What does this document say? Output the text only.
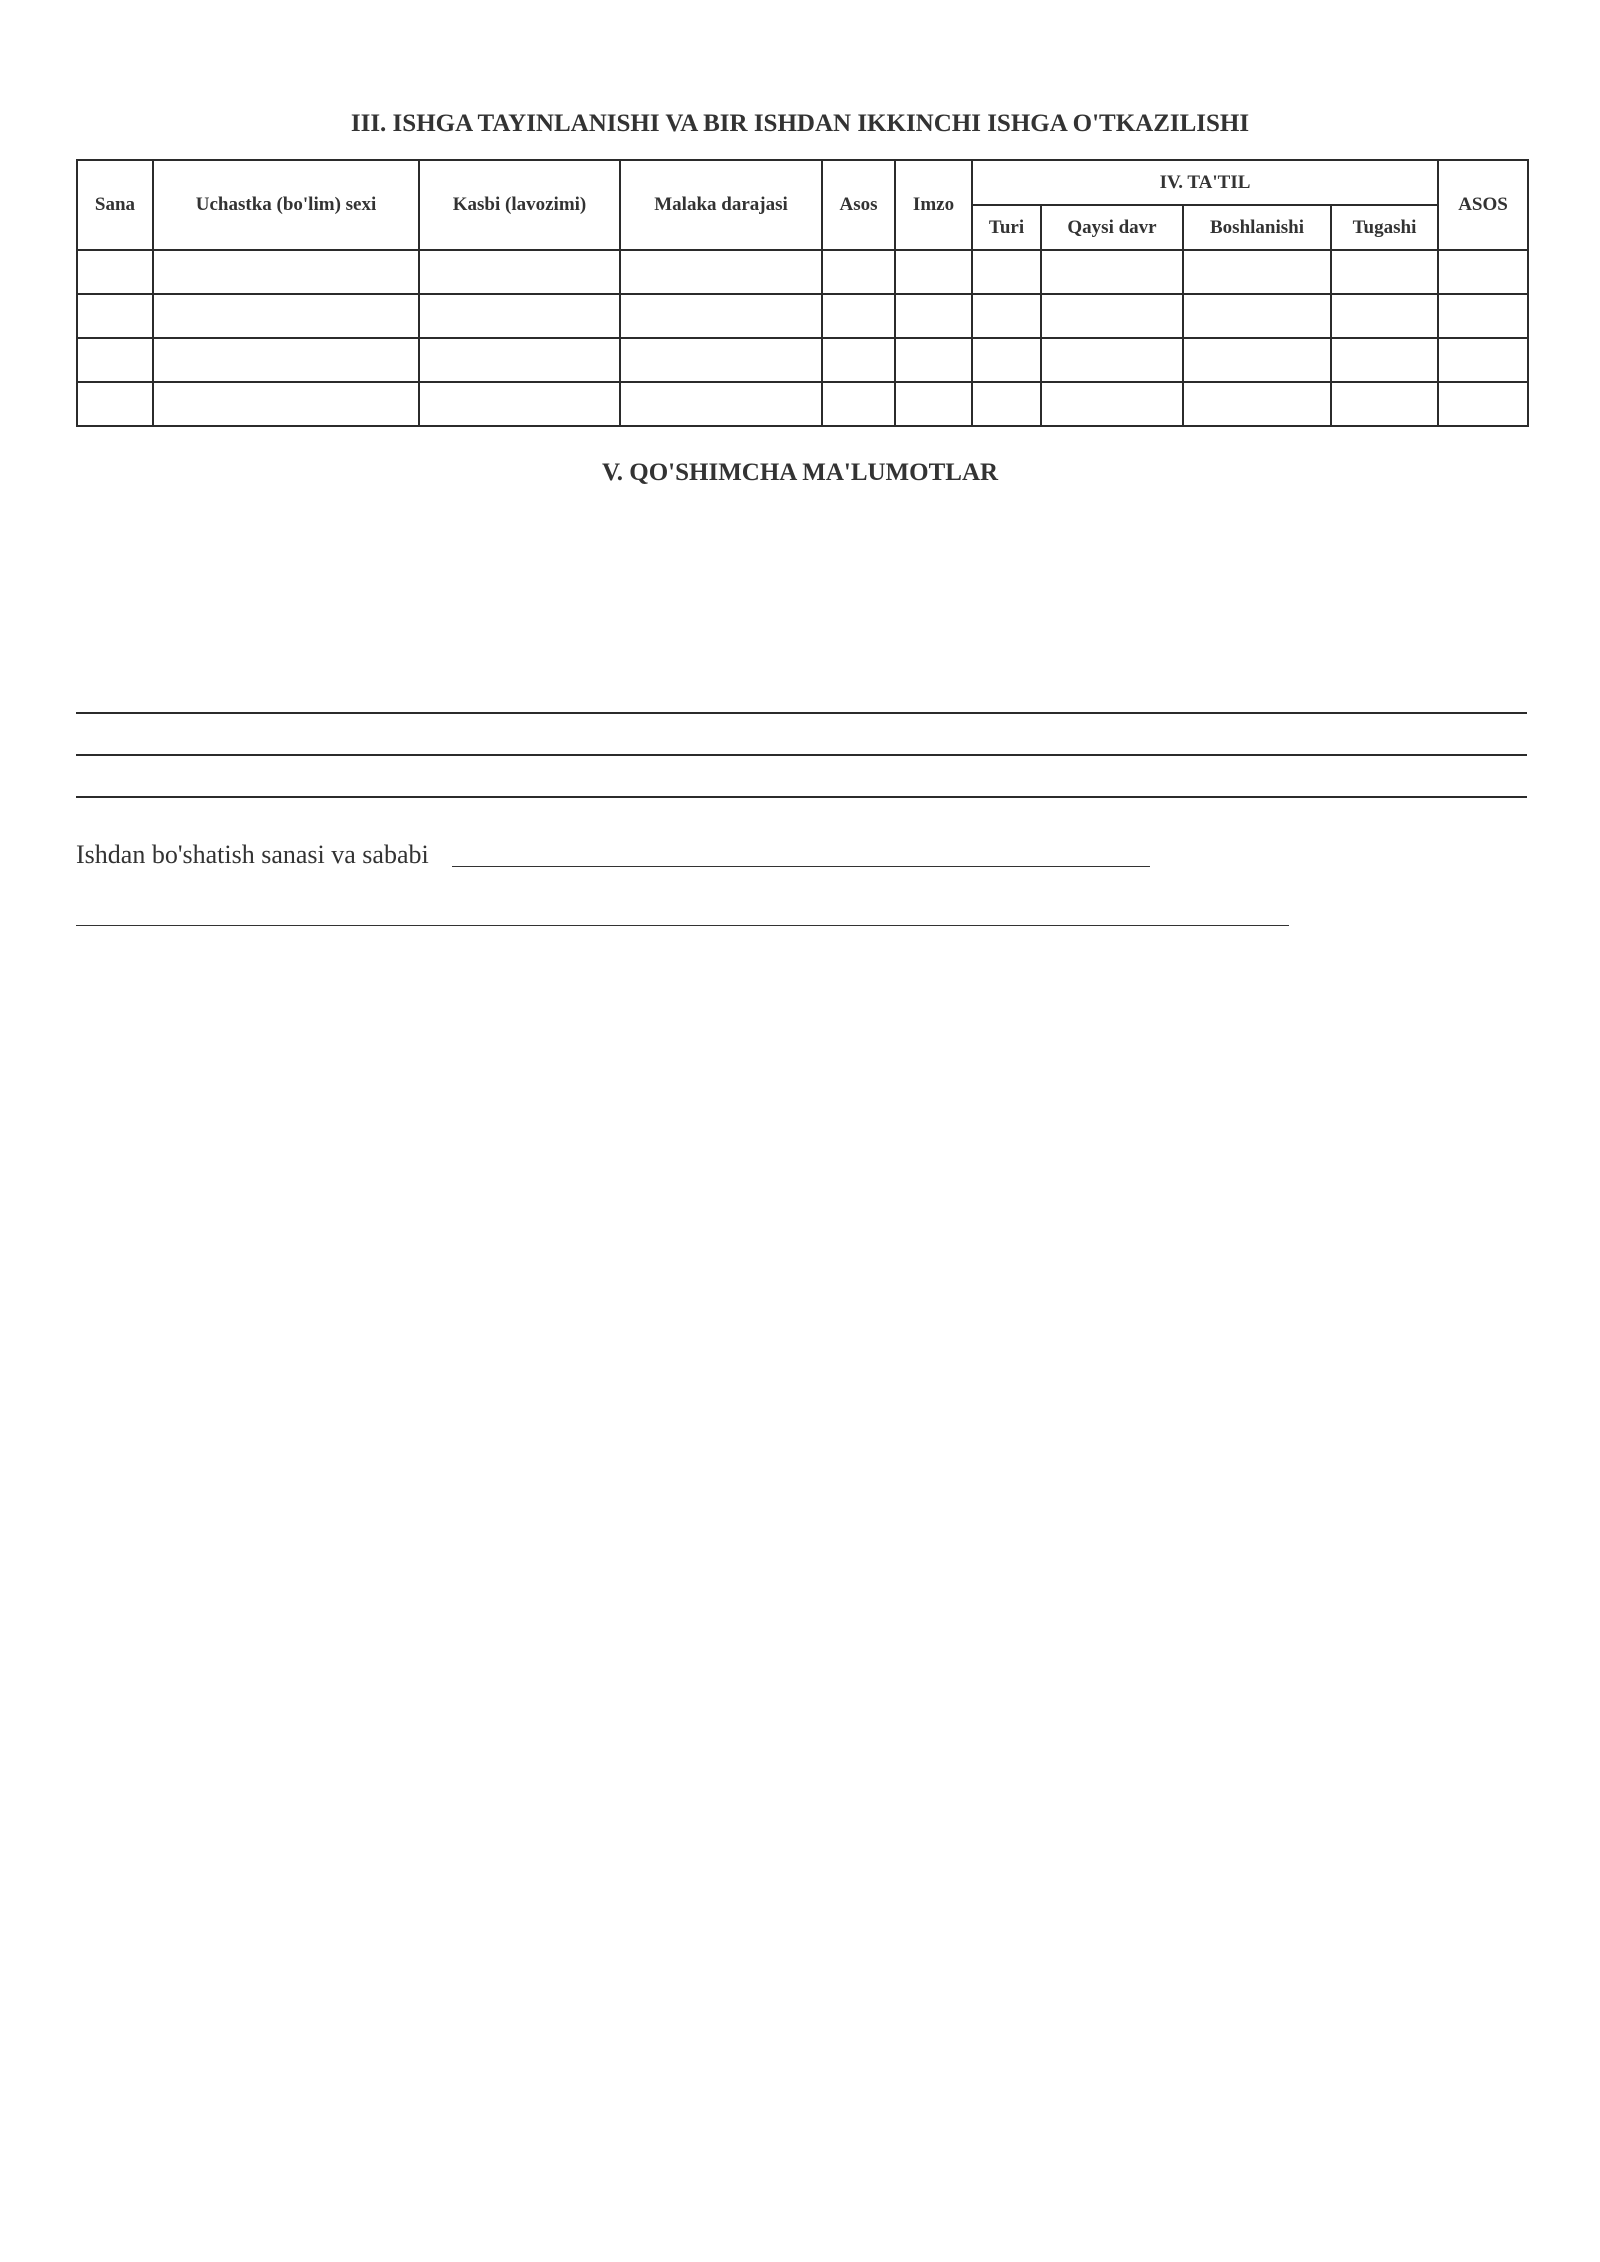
III. ISHGA TAYINLANISHI VA BIR ISHDAN IKKINCHI ISHGA O'TKAZILISHI
Sana	Uchastka (bo'lim) sexi	Kasbi (lavozimi)	Malaka darajasi	Asos	Imzo	IV. TA'TIL				ASOS
						Turi	Qaysi davr	Boshlanishi	Tugashi	

V. QO'SHIMCHA MA'LUMOTLAR
Ishdan bo'shatish sanasi va sababi
